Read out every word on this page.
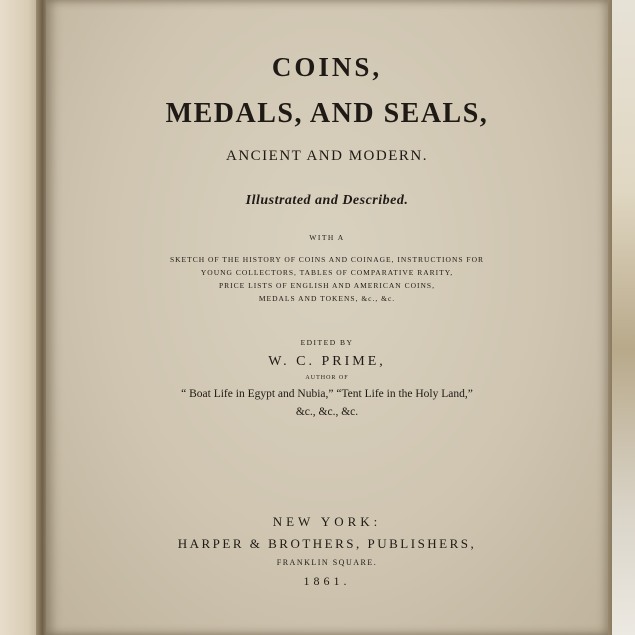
COINS,
MEDALS, AND SEALS,
ANCIENT AND MODERN.
Illustrated and Described.
WITH A
SKETCH OF THE HISTORY OF COINS AND COINAGE, INSTRUCTIONS FOR
YOUNG COLLECTORS, TABLES OF COMPARATIVE RARITY,
PRICE LISTS OF ENGLISH AND AMERICAN COINS,
MEDALS AND TOKENS, &c., &c.
EDITED BY
W. C. PRIME,
AUTHOR OF
“ Boat Life in Egypt and Nubia,” “Tent Life in the Holy Land,”
&c., &c., &c.
NEW YORK:
HARPER & BROTHERS, PUBLISHERS,
FRANKLIN SQUARE.
1861.
